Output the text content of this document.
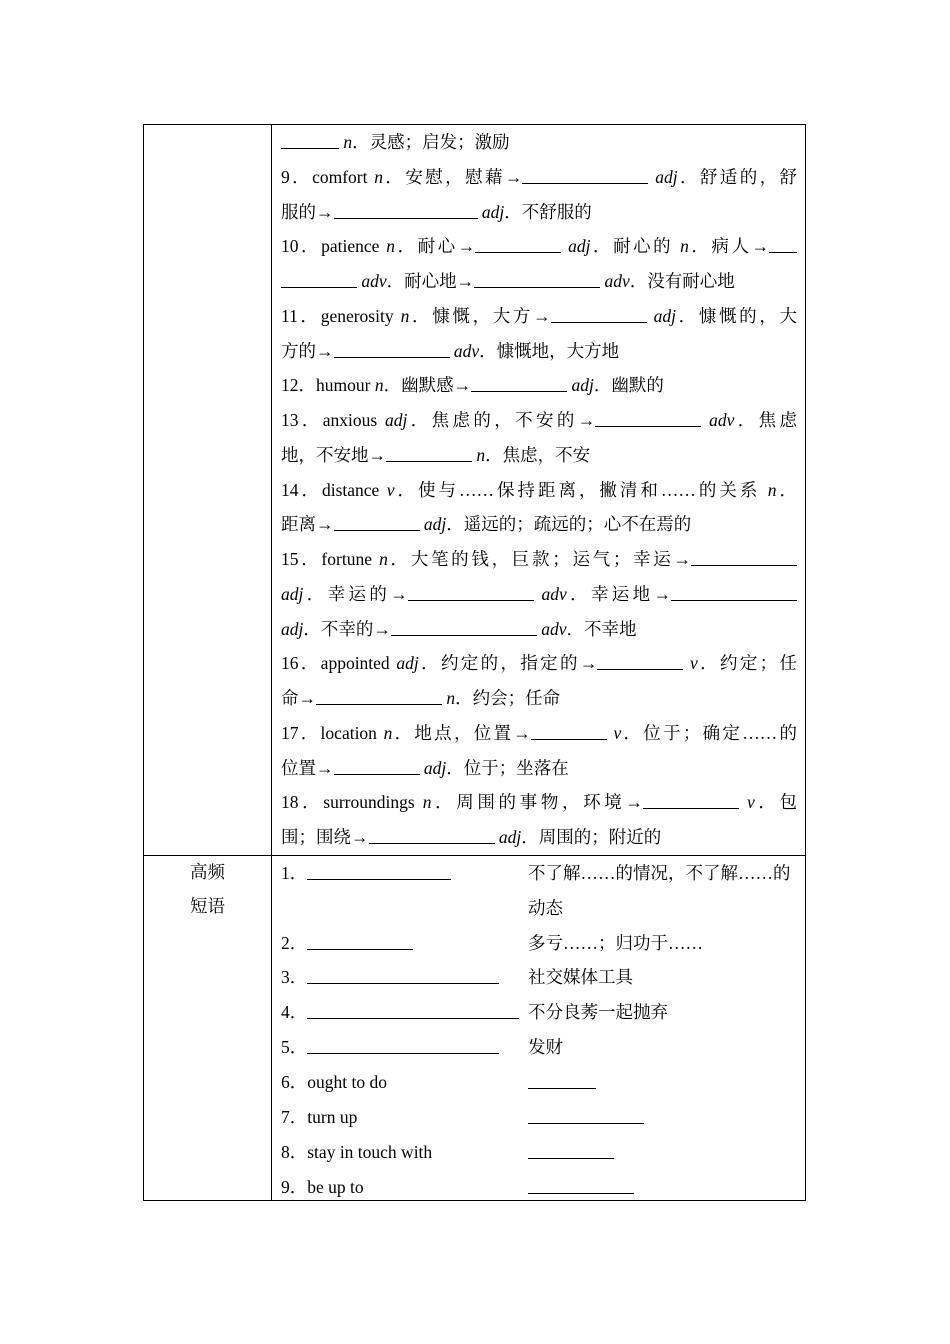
n．灵感；启发；激励
9．comfort n．安慰，慰藉→	adj．舒适的，舒
服的→	adj．不舒服的
10．patience n．耐心→	adj．耐心的 n．病人→
adv．耐心地→	adv．没有耐心地
11．generosity n．慷慨，大方→	adj．慷慨的，大
方的→	adv．慷慨地，大方地
12．humour n．幽默感→	adj．幽默的
13．anxious adj．焦虑的，不安的→	adv．焦虑
地，不安地→	n．焦虑，不安
14．distance v．使与……保持距离，撇清和……的关系 n．
距离→	adj．遥远的；疏远的；心不在焉的
15．fortune n．大笔的钱，巨款；运气；幸运→
adj．幸运的→	adv．幸运地→
adj．不幸的→	adv．不幸地
16．appointed adj．约定的，指定的→	v．约定；任
命→	n．约会；任命
17．location n．地点，位置→	v．位于；确定……的
位置→	adj．位于；坐落在
18．surroundings n．周围的事物，环境→	v．包
围；围绕→	adj．周围的；附近的
高频
短语
1．	不了解……的情况，不了解……的动态
2．	多亏……；归功于……
3．	社交媒体工具
4．	不分良莠一起抛弃
5．	发财
6．ought to do
7．turn up
8．stay in touch with
9．be up to
